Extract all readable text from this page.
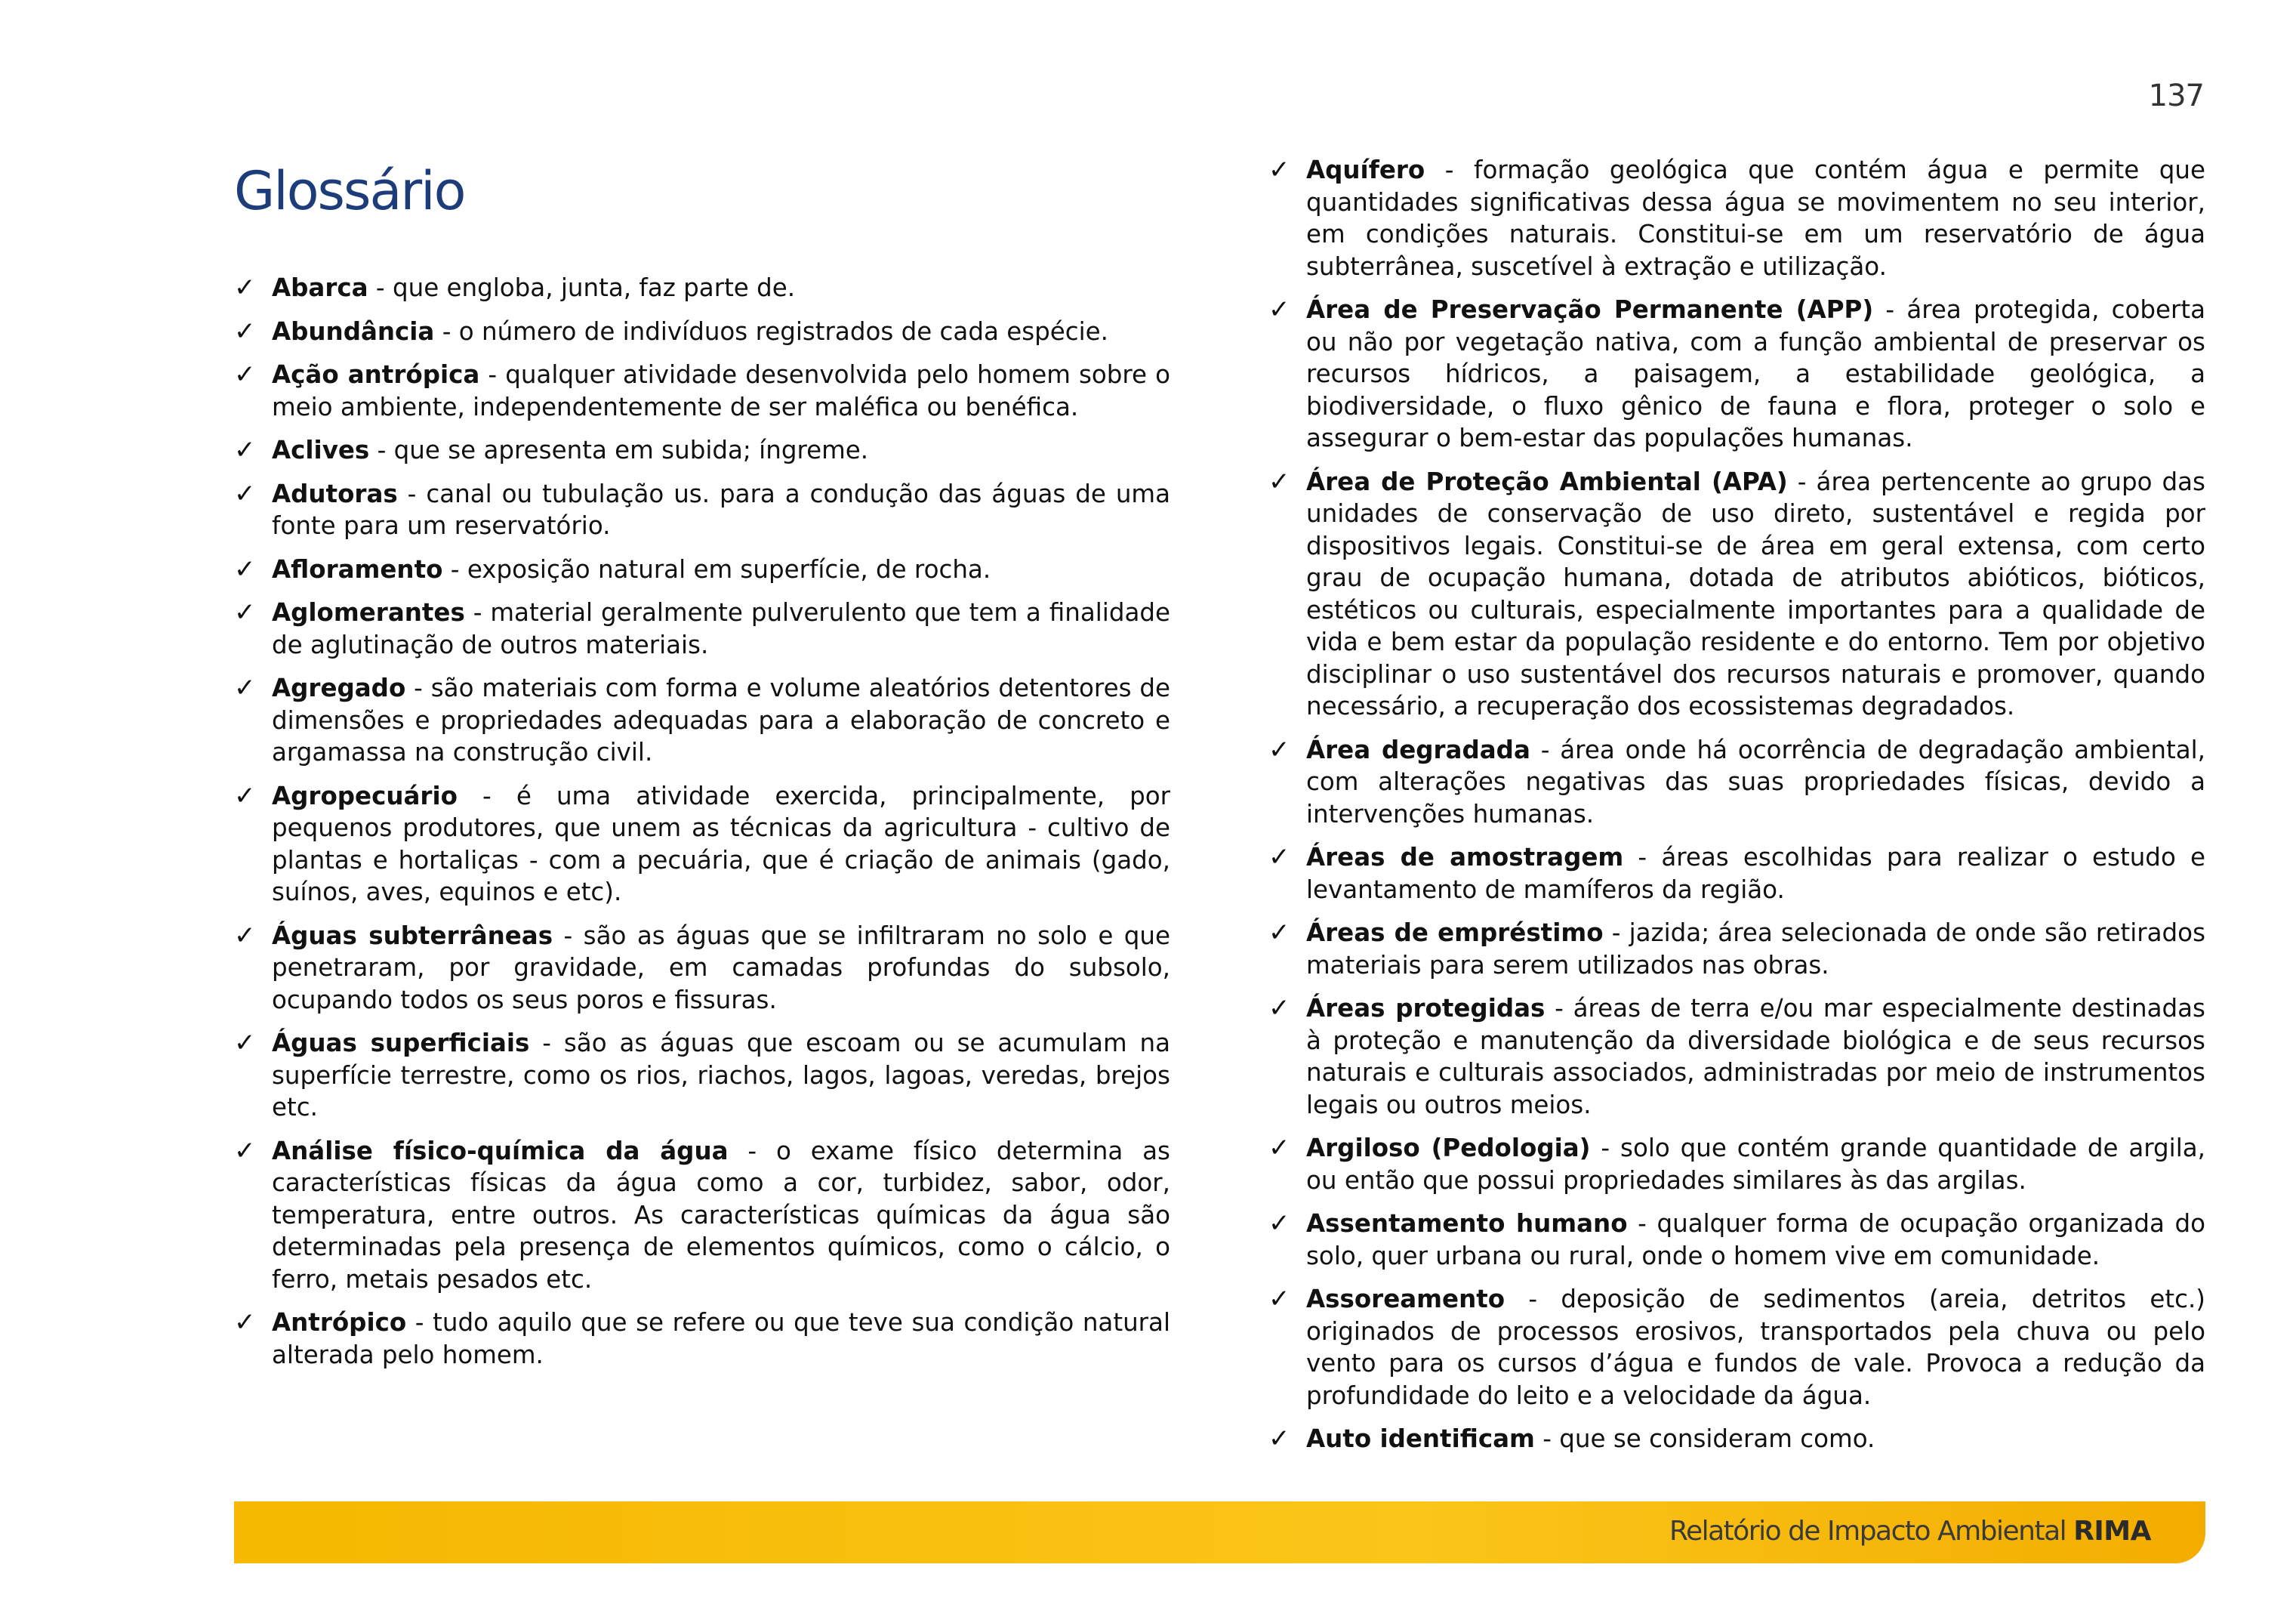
137
Glossário
✓ Abarca - que engloba, junta, faz parte de.
✓ Abundância - o número de indivíduos registrados de cada espécie.
✓ Ação antrópica - qualquer atividade desenvolvida pelo homem sobre o meio ambiente, independentemente de ser maléfica ou benéfica.
✓ Aclives - que se apresenta em subida; íngreme.
✓ Adutoras - canal ou tubulação us. para a condução das águas de uma fonte para um reservatório.
✓ Afloramento - exposição natural em superfície, de rocha.
✓ Aglomerantes - material geralmente pulverulento que tem a finalidade de aglutinação de outros materiais.
✓ Agregado - são materiais com forma e volume aleatórios detentores de dimensões e propriedades adequadas para a elaboração de concreto e argamassa na construção civil.
✓ Agropecuário - é uma atividade exercida, principalmente, por pequenos produtores, que unem as técnicas da agricultura - cultivo de plantas e hortaliças - com a pecuária, que é criação de animais (gado, suínos, aves, equinos e etc).
✓ Águas subterrâneas - são as águas que se infiltraram no solo e que penetraram, por gravidade, em camadas profundas do subsolo, ocupando todos os seus poros e fissuras.
✓ Águas superficiais - são as águas que escoam ou se acumulam na superfície terrestre, como os rios, riachos, lagos, lagoas, veredas, brejos etc.
✓ Análise físico-química da água - o exame físico determina as características físicas da água como a cor, turbidez, sabor, odor, temperatura, entre outros. As características químicas da água são determinadas pela presença de elementos químicos, como o cálcio, o ferro, metais pesados etc.
✓ Antrópico - tudo aquilo que se refere ou que teve sua condição natural alterada pelo homem.
✓ Aquífero - formação geológica que contém água e permite que quantidades significativas dessa água se movimentem no seu interior, em condições naturais. Constitui-se em um reservatório de água subterrânea, suscetível à extração e utilização.
✓ Área de Preservação Permanente (APP) - área protegida, coberta ou não por vegetação nativa, com a função ambiental de preservar os recursos hídricos, a paisagem, a estabilidade geológica, a biodiversidade, o fluxo gênico de fauna e flora, proteger o solo e assegurar o bem-estar das populações humanas.
✓ Área de Proteção Ambiental (APA) - área pertencente ao grupo das unidades de conservação de uso direto, sustentável e regida por dispositivos legais. Constitui-se de área em geral extensa, com certo grau de ocupação humana, dotada de atributos abióticos, bióticos, estéticos ou culturais, especialmente importantes para a qualidade de vida e bem estar da população residente e do entorno. Tem por objetivo disciplinar o uso sustentável dos recursos naturais e promover, quando necessário, a recuperação dos ecossistemas degradados.
✓ Área degradada - área onde há ocorrência de degradação ambiental, com alterações negativas das suas propriedades físicas, devido a intervenções humanas.
✓ Áreas de amostragem - áreas escolhidas para realizar o estudo e levantamento de mamíferos da região.
✓ Áreas de empréstimo - jazida; área selecionada de onde são retirados materiais para serem utilizados nas obras.
✓ Áreas protegidas - áreas de terra e/ou mar especialmente destinadas à proteção e manutenção da diversidade biológica e de seus recursos naturais e culturais associados, administradas por meio de instrumentos legais ou outros meios.
✓ Argiloso (Pedologia) - solo que contém grande quantidade de argila, ou então que possui propriedades similares às das argilas.
✓ Assentamento humano - qualquer forma de ocupação organizada do solo, quer urbana ou rural, onde o homem vive em comunidade.
✓ Assoreamento - deposição de sedimentos (areia, detritos etc.) originados de processos erosivos, transportados pela chuva ou pelo vento para os cursos d’água e fundos de vale. Provoca a redução da profundidade do leito e a velocidade da água.
✓ Auto identificam - que se consideram como.
Relatório de Impacto Ambiental RIMA
